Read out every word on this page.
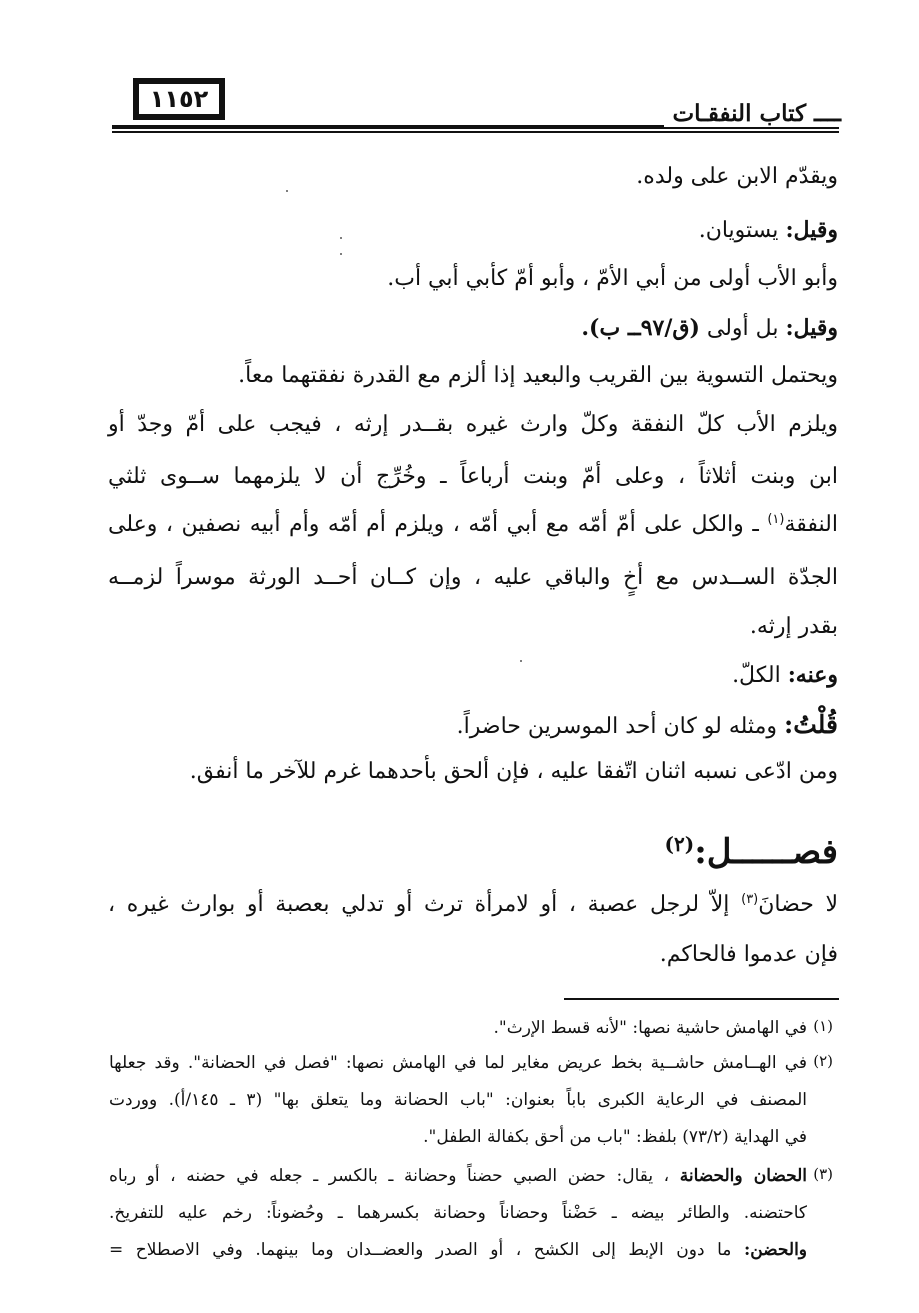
١١٥٢
ــــ كتاب النفقـات
ويقدّم الابن على ولده.
وقيل: يستويان.
وأبو الأب أولى من أبي الأمّ ، وأبو أمّ كأبي أبي أب.
وقيل: بل أولى (ق/٩٧ــ ب).
ويحتمل التسوية بين القريب والبعيد إذا ألزم مع القدرة نفقتهما معاً.
ويلزم الأب كلّ النفقة وكلّ وارث غيره بقــدر إرثه ، فيجب على أمّ وجدّ أو
ابن وبنت أثلاثاً ، وعلى أمّ وبنت أرباعاً ـ وخُرِّج أن لا يلزمهما ســوى ثلثي
النفقة$^{(١)}$ ـ والكل على أمّ أمّه مع أبي أمّه ، ويلزم أم أمّه وأم أبيه نصفين ، وعلى
الجدّة الســدس مع أخٍ والباقي عليه ، وإن كــان أحــد الورثة موسراً لزمــه
بقدر إرثه.
وعنه: الكلّ.
قُلْتُ: ومثله لو كان أحد الموسرين حاضراً.
ومن ادّعى نسبه اثنان اتّفقا عليه ، فإن ألحق بأحدهما غرم للآخر ما أنفق.
فصــــــل:$^{(٢)}$
لا حضانَ$^{(٣)}$ إلاّ لرجل عصبة ، أو لامرأة ترث أو تدلي بعصبة أو بوارث غيره ،
فإن عدموا فالحاكم.
(١)
في الهامش حاشية نصها: "لأنه قسط الإرث".
(٢)
في الهــامش حاشــية بخط عريض مغاير لما في الهامش نصها: "فصل في الحضانة". وقد جعلها
المصنف في الرعاية الكبرى باباً بعنوان: "باب الحضانة وما يتعلق بها" (٣ ـ ١٤٥/أ). ووردت
في الهداية (٧٣/٢) بلفظ: "باب من أحق بكفالة الطفل".
(٣)
الحضان والحضانة ، يقال: حضن الصبي حضناً وحضانة ـ بالكسر ـ جعله في حضنه ، أو رباه
كاحتضنه. والطائر بيضه ـ حَضْناً وحضاناً وحضانة بكسرهما ـ وحُضوناً: رخم عليه للتفريخ.
والحضن: ما دون الإبط إلى الكشح ، أو الصدر والعضــدان وما بينهما. وفي الاصطلاح =
